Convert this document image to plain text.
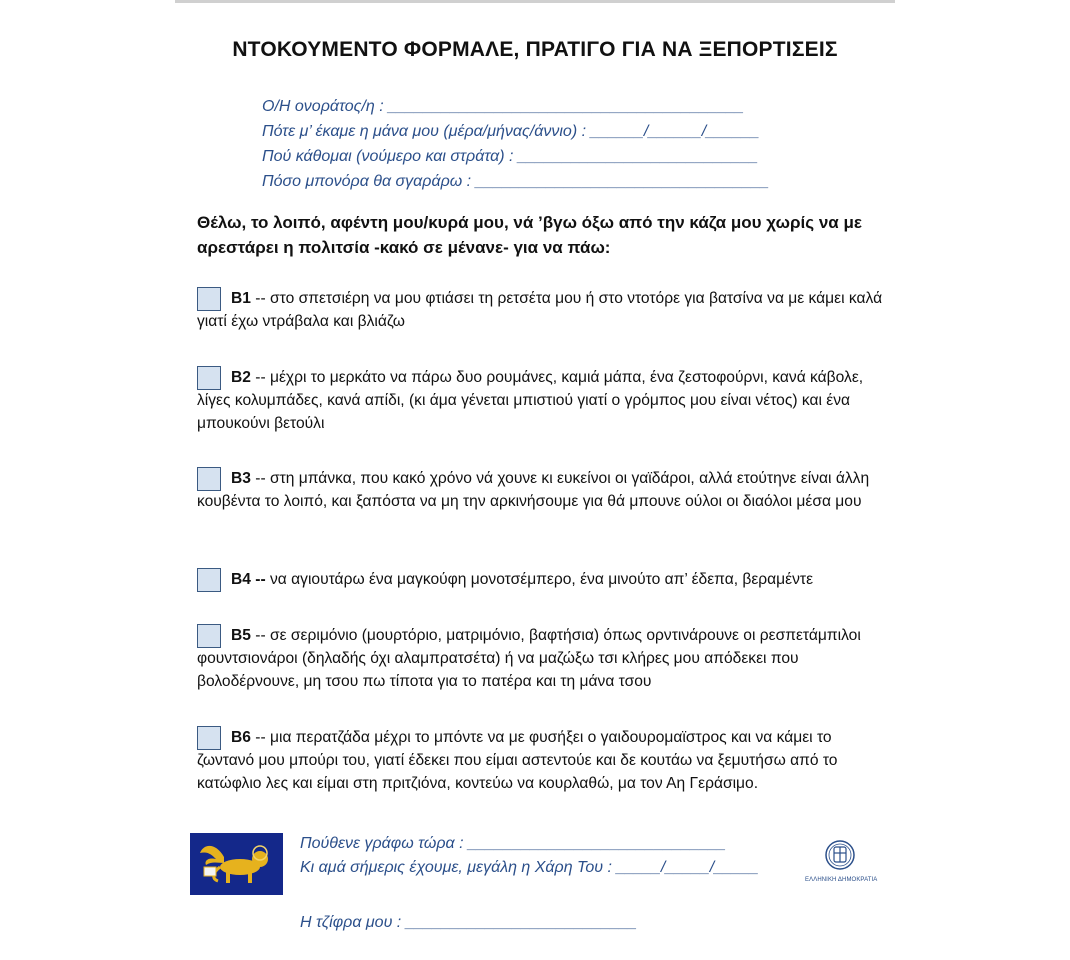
ΝΤΟΚΟΥΜΕΝΤΟ ΦΟΡΜΑΛΕ, ΠΡΑΤΙΓΟ ΓΙΑ ΝΑ ΞΕΠΟΡΤΙΣΕΙΣ
Ο/Η ονοράτος/η : ________________________________________
Πότε μ’ έκαμε η μάνα μου (μέρα/μήνας/άννιο) : ______/______/______
Πού κάθομαι (νούμερο και στράτα) : ___________________________
Πόσο μπονόρα θα σγαράρω : _________________________________
Θέλω, το λοιπό, αφέντη μου/κυρά μου, νά ’βγω όξω από την κάζα μου χωρίς να με αρεστάρει η πολιτσία -κακό σε μένανε- για να πάω:
B1 -- στο σπετσιέρη να μου φτιάσει τη ρετσέτα μου ή στο ντοτόρε για βατσίνα να με κάμει καλά γιατί έχω ντράβαλα και βλιάζω
B2 -- μέχρι το μερκάτο να πάρω δυο ρουμάνες, καμιά μάπα, ένα ζεστοφούρνι, κανά κάβολε, λίγες κολυμπάδες, κανά απίδι, (κι άμα γένεται μπιστιού γιατί ο γρόμπος μου είναι νέτος) και ένα μπουκούνι βετούλι
B3 -- στη μπάνκα, που κακό χρόνο νά χουνε κι ευκείνοι οι γαϊδάροι, αλλά ετούτηνε είναι άλλη κουβέντα το λοιπό, και ξαπόστα να μη την αρκινήσουμε για θά μπουνε ούλοι οι διαόλοι μέσα μου
B4 -- να αγιουτάρω ένα μαγκούφη μονοτσέμπερο, ένα μινούτο απ’ έδεπα, βεραμέντε
B5 -- σε σεριμόνιο (μουρτόριο, ματριμόνιο, βαφτήσια) όπως ορντινάρουνε οι ρεσπετάμπιλοι φουντσιονάροι (δηλαδής όχι αλαμπρατσέτα) ή να μαζώξω τσι κλήρες μου απόδεκει που βολοδέρνουνε, μη τσου πω τίποτα για το πατέρα και τη μάνα τσου
B6 -- μια περατζάδα μέχρι το μπόντε να με φυσήξει ο γαιδουρομαϊστρος και να κάμει το ζωντανό μου μπούρι του, γιατί έδεκει που είμαι αστεντούε και δε κουτάω να ξεμυτήσω από το κατώφλιο λες και είμαι στη πριτζιόνα, κοντεύω να κουρλαθώ, μα τον Αη Γεράσιμο.
Πούθενε γράφω τώρα : _____________________________
Κι αμά σήμερις έχουμε, μεγάλη η Χάρη Του : _____/_____/_____
Η τζίφρα μου : __________________________
ΕΛΛΗΝΙΚΗ ΔΗΜΟΚΡΑΤΙΑ
